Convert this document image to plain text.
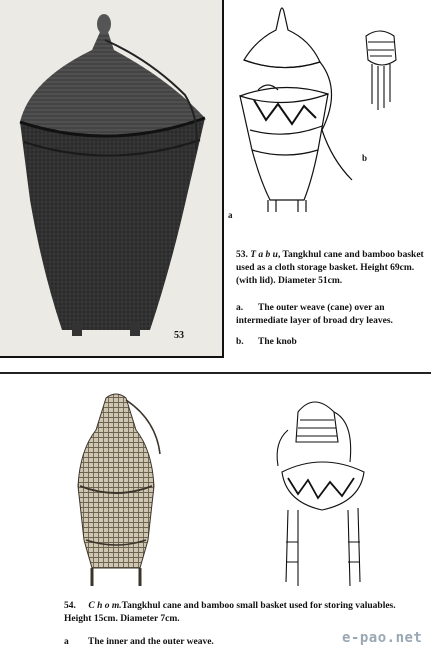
53
a
b
53. T a b u, Tangkhul cane and bamboo basket used as a cloth storage basket. Height 69cm. (with lid). Diameter 51cm.
a. The outer weave (cane) over an intermediate layer of broad dry leaves.
b. The knob
54. C h o m.Tangkhul cane and bamboo small basket used for storing valuables. Height 15cm. Diameter 7cm.
a The inner and the outer weave.	e-pao.net
